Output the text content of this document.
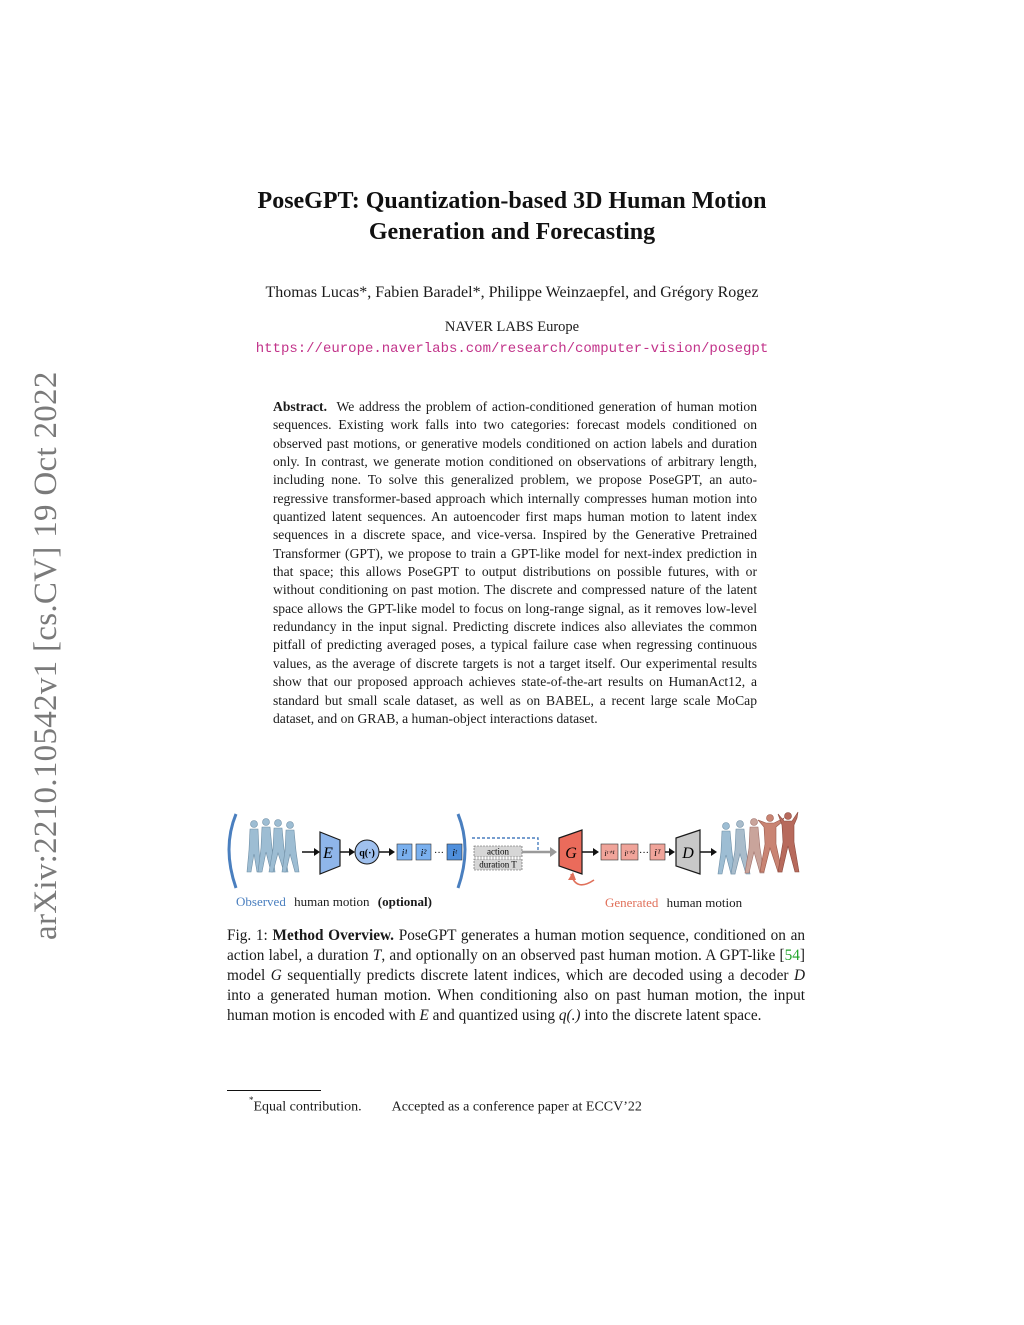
arXiv:2210.10542v1 [cs.CV] 19 Oct 2022
PoseGPT: Quantization-based 3D Human Motion
Generation and Forecasting
Thomas Lucas*, Fabien Baradel*, Philippe Weinzaepfel, and Grégory Rogez
NAVER LABS Europe
https://europe.naverlabs.com/research/computer-vision/posegpt
Abstract. We address the problem of action-conditioned generation of human motion sequences. Existing work falls into two categories: forecast models conditioned on observed past motions, or generative models conditioned on action labels and duration only. In contrast, we generate motion conditioned on observations of arbitrary length, including none. To solve this generalized problem, we propose PoseGPT, an auto-regressive transformer-based approach which internally compresses human motion into quantized latent sequences. An autoencoder first maps human motion to latent index sequences in a discrete space, and vice-versa. Inspired by the Generative Pretrained Transformer (GPT), we propose to train a GPT-like model for next-index prediction in that space; this allows PoseGPT to output distributions on possible futures, with or without conditioning on past motion. The discrete and compressed nature of the latent space allows the GPT-like model to focus on long-range signal, as it removes low-level redundancy in the input signal. Predicting discrete indices also alleviates the common pitfall of predicting averaged poses, a typical failure case when regressing continuous values, as the average of discrete targets is not a target itself. Our experimental results show that our proposed approach achieves state-of-the-art results on HumanAct12, a standard but small scale dataset, as well as on BABEL, a recent large scale MoCap dataset, and on GRAB, a human-object interactions dataset.
E	q(·)	i¹ i² ··· iᵗ	action
duration T
G	iᵗ⁺¹ iᵗ⁺² ··· iᵀ D
Observed human motion (optional)	Generated human motion
Fig. 1: Method Overview. PoseGPT generates a human motion sequence, conditioned on an action label, a duration T, and optionally on an observed past human motion. A GPT-like [54] model G sequentially predicts discrete latent indices, which are decoded using a decoder D into a generated human motion. When conditioning also on past human motion, the input human motion is encoded with E and quantized using q(.) into the discrete latent space.
*Equal contribution. Accepted as a conference paper at ECCV’22
